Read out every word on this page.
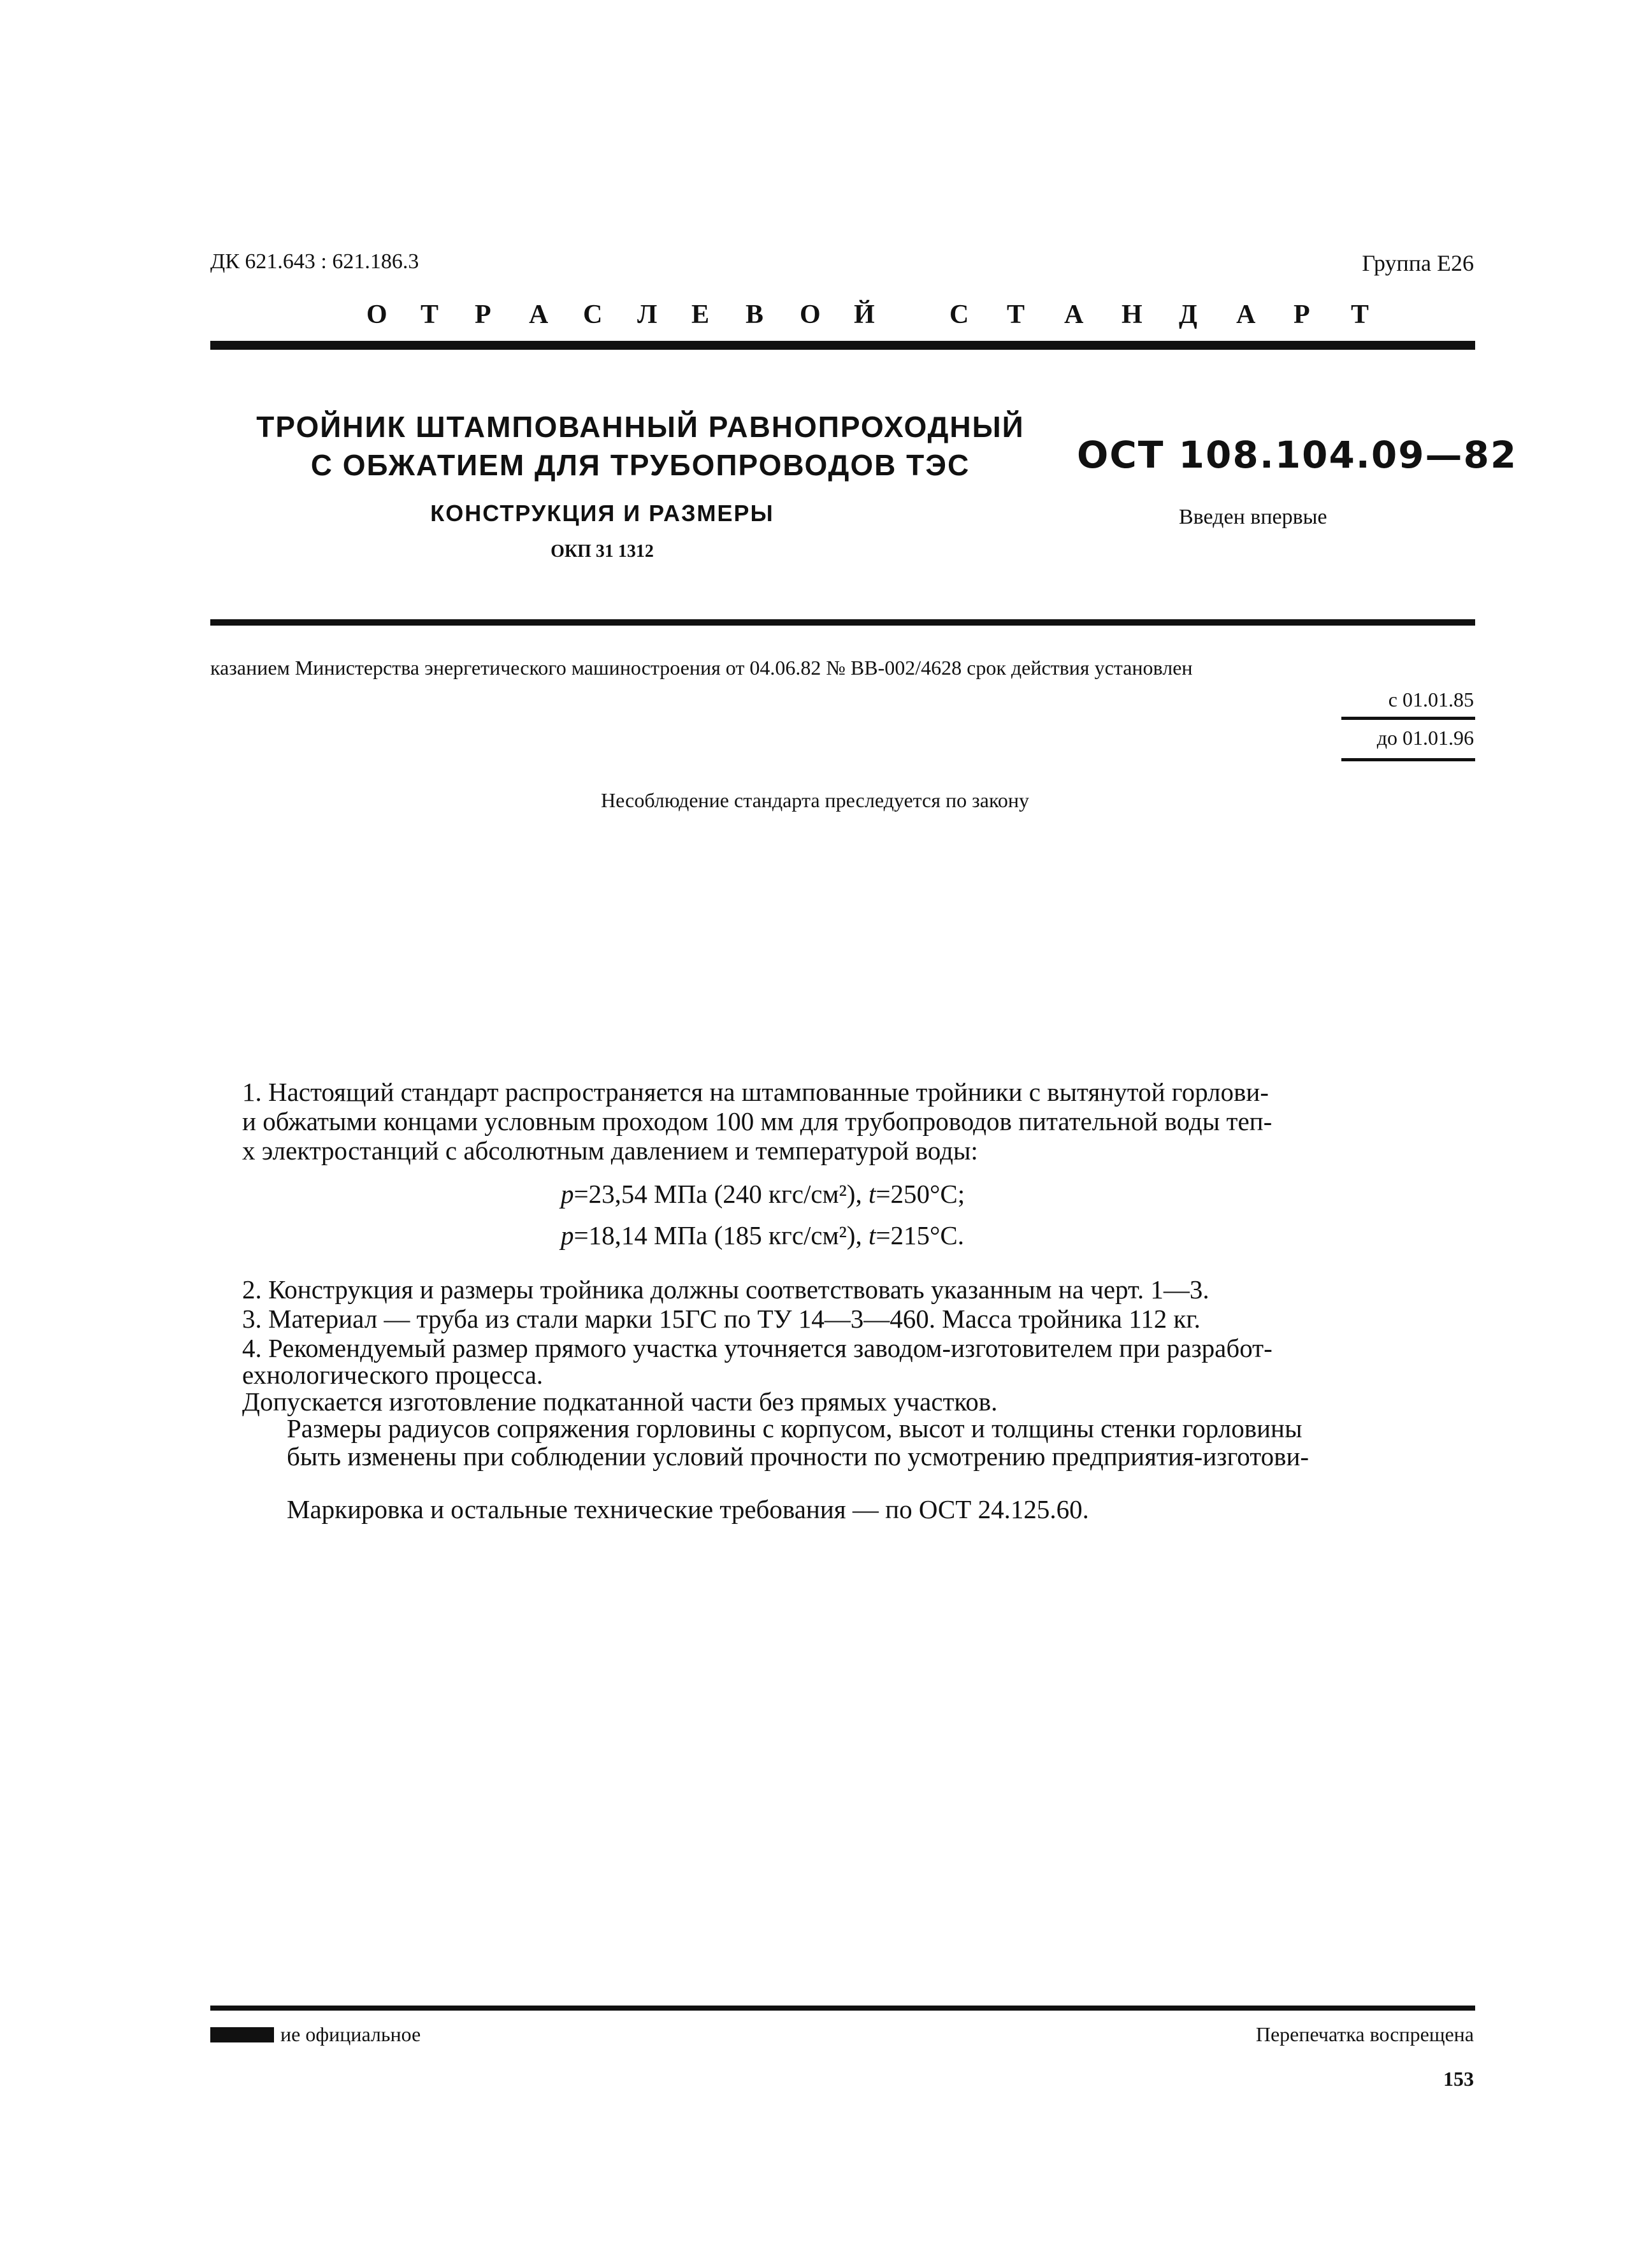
ДК 621.643 : 621.186.3	Группа Е26
О Т Р А С Л Е В О Й	С Т А Н Д А Р Т
ТРОЙНИК ШТАМПОВАННЫЙ РАВНОПРОХОДНЫЙ
С ОБЖАТИЕМ ДЛЯ ТРУБОПРОВОДОВ ТЭС
КОНСТРУКЦИЯ И РАЗМЕРЫ
ОКП 31 1312
ОСТ 108.104.09—82
Введен впервые
казанием Министерства энергетического машиностроения от 04.06.82 № ВВ-002/4628 срок действия установлен
с 01.01.85
до 01.01.96
Несоблюдение стандарта преследуется по закону
1. Настоящий стандарт распространяется на штампованные тройники с вытянутой горлови-
и обжатыми концами условным проходом 100 мм для трубопроводов питательной воды теп-
х электростанций с абсолютным давлением и температурой воды:
p=23,54 МПа (240 кгс/см²), t=250°С;
p=18,14 МПа (185 кгс/см²), t=215°С.
2. Конструкция и размеры тройника должны соответствовать указанным на черт. 1—3.
3. Материал — труба из стали марки 15ГС по ТУ 14—3—460. Масса тройника 112 кг.
4. Рекомендуемый размер прямого участка уточняется заводом-изготовителем при разработ-
ехнологического процесса.
Допускается изготовление подкатанной части без прямых участков.
Размеры радиусов сопряжения горловины с корпусом, высот и толщины стенки горловины
быть изменены при соблюдении условий прочности по усмотрению предприятия-изготови-
Маркировка и остальные технические требования — по ОСТ 24.125.60.
ие официальное	Перепечатка воспрещена
153
